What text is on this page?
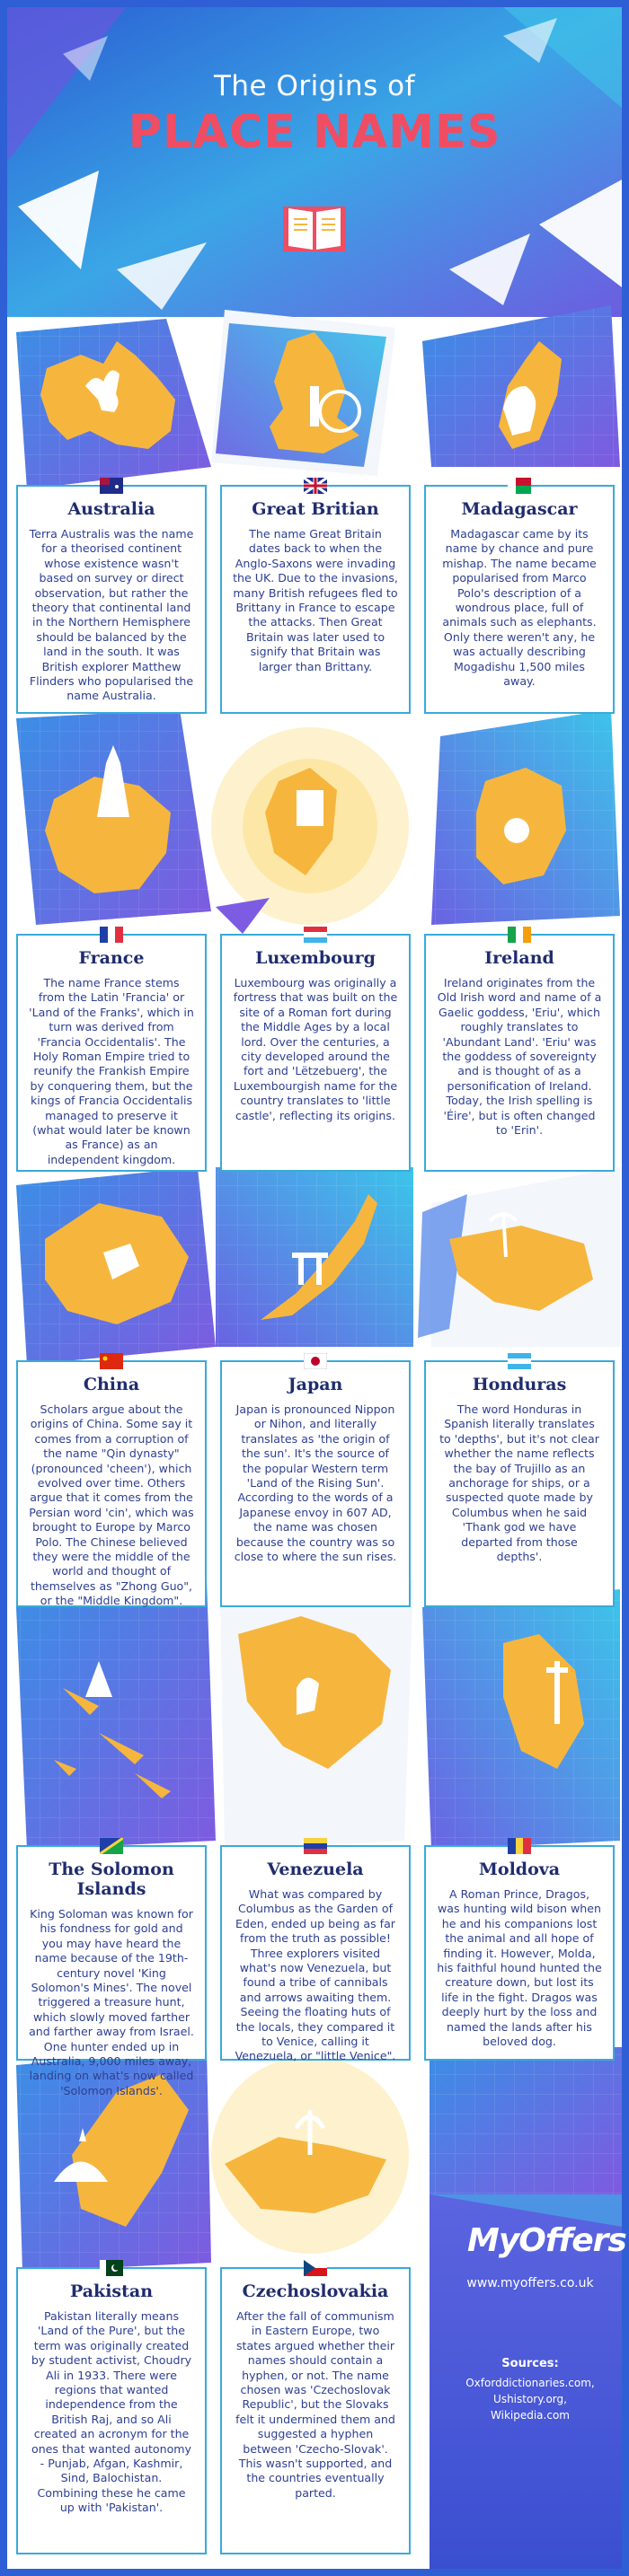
The Origins of
PLACE NAMES
Australia
Terra Australis was the name for a theorised continent whose existence wasn't based on survey or direct observation, but rather the theory that continental land in the Northern Hemisphere should be balanced by the land in the south. It was British explorer Matthew Flinders who popularised the name Australia.
Great Britian
The name Great Britain dates back to when the Anglo-Saxons were invading the UK. Due to the invasions, many British refugees fled to Brittany in France to escape the attacks. Then Great Britain was later used to signify that Britain was larger than Brittany.
Madagascar
Madagascar came by its name by chance and pure mishap. The name became popularised from Marco Polo's description of a wondrous place, full of animals such as elephants. Only there weren't any, he was actually describing Mogadishu 1,500 miles away.
France
The name France stems from the Latin 'Francia' or 'Land of the Franks', which in turn was derived from 'Francia Occidentalis'. The Holy Roman Empire tried to reunify the Frankish Empire by conquering them, but the kings of Francia Occidentalis managed to preserve it (what would later be known as France) as an independent kingdom.
Luxembourg
Luxembourg was originally a fortress that was built on the site of a Roman fort during the Middle Ages by a local lord. Over the centuries, a city developed around the fort and 'Lëtzebuerg', the Luxembourgish name for the country translates to 'little castle', reflecting its origins.
Ireland
Ireland originates from the Old Irish word and name of a Gaelic goddess, 'Eriu', which roughly translates to 'Abundant Land'. 'Eriu' was the goddess of sovereignty and is thought of as a personification of Ireland. Today, the Irish spelling is 'Éire', but is often changed to 'Erin'.
China
Scholars argue about the origins of China. Some say it comes from a corruption of the name "Qin dynasty" (pronounced 'cheen'), which evolved over time. Others argue that it comes from the Persian word 'cin', which was brought to Europe by Marco Polo. The Chinese believed they were the middle of the world and thought of themselves as "Zhong Guo", or the "Middle Kingdom".
Japan
Japan is pronounced Nippon or Nihon, and literally translates as 'the origin of the sun'. It's the source of the popular Western term 'Land of the Rising Sun'. According to the words of a Japanese envoy in 607 AD, the name was chosen because the country was so close to where the sun rises.
Honduras
The word Honduras in Spanish literally translates to 'depths', but it's not clear whether the name reflects the bay of Trujillo as an anchorage for ships, or a suspected quote made by Columbus when he said 'Thank god we have departed from those depths'.
The Solomon Islands
King Soloman was known for his fondness for gold and you may have heard the name because of the 19th-century novel 'King Solomon's Mines'. The novel triggered a treasure hunt, which slowly moved farther and farther away from Israel. One hunter ended up in Australia, 9,000 miles away, landing on what's now called 'Solomon Islands'.
Venezuela
What was compared by Columbus as the Garden of Eden, ended up being as far from the truth as possible! Three explorers visited what's now Venezuela, but found a tribe of cannibals and arrows awaiting them. Seeing the floating huts of the locals, they compared it to Venice, calling it Venezuela, or "little Venice".
Moldova
A Roman Prince, Dragos, was hunting wild bison when he and his companions lost the animal and all hope of finding it. However, Molda, his faithful hound hunted the creature down, but lost its life in the fight. Dragos was deeply hurt by the loss and named the lands after his beloved dog.
Pakistan
Pakistan literally means 'Land of the Pure', but the term was originally created by student activist, Choudry Ali in 1933. There were regions that wanted independence from the British Raj, and so Ali created an acronym for the ones that wanted autonomy - Punjab, Afgan, Kashmir, Sind, Balochistan. Combining these he came up with 'Pakistan'.
Czechoslovakia
After the fall of communism in Eastern Europe, two states argued whether their names should contain a hyphen, or not. The name chosen was 'Czechoslovak Republic', but the Slovaks felt it undermined them and suggested a hyphen between 'Czecho-Slovak'. This wasn't supported, and the countries eventually parted.
MyOffers
www.myoffers.co.uk
Sources:
Oxforddictionaries.com,
Ushistory.org,
Wikipedia.com
